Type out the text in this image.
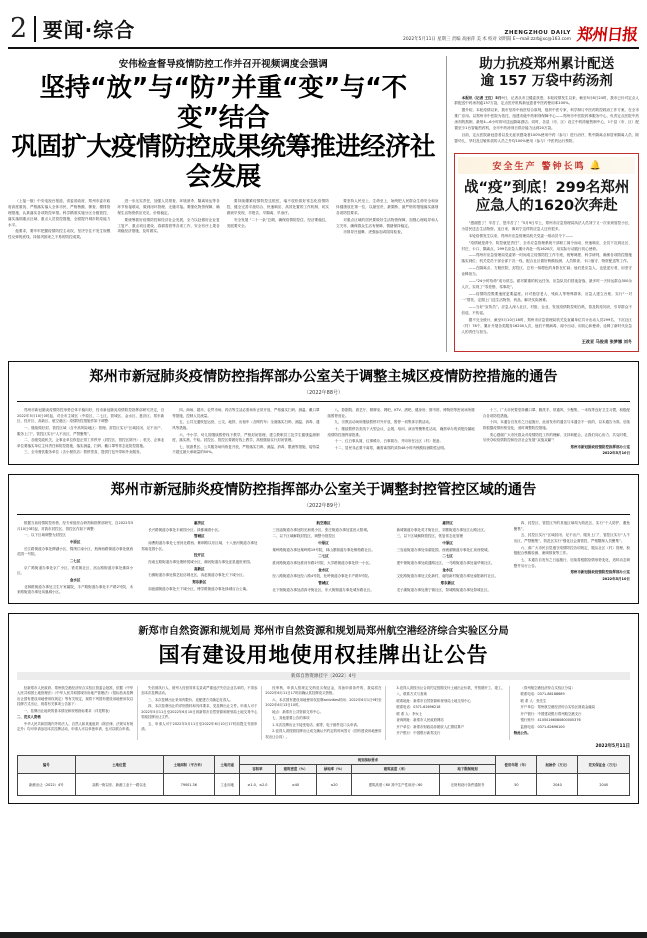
2 要闻·综合	ZHENGZHOU DAILY
2022年5月11日 星期三 责编 高丽萍 美 术 校对 刘玥阳 E—mail:zzrbjjxc@163.com 郑州日报
安伟检查督导疫情防控工作并召开视频调度会强调
坚持“放”与“防”并重“变”与“不变”结合
巩固扩大疫情防控成果统筹推进经济社会发展

（上接一版）中央电视台报道，省委省政府、郑州市委市政府高度重视、严格落实落人全体市民、严格核酸、筛查、摸排管理措施，认真落实各项防控举措。科学精准实施分区分级管控，落实落细重点区域、重点人员管控措施，全面提升城市防疫能力水平。

他要求，要牢牢把握疫情防控主动权，坚决守住不发生规模性反弹的底线，持续巩固来之不易的防控成果。

进一步压实责任，加强人员排查、环境消杀、隔离转运等各环节衔接联动，做到闭环管理、无缝对接。要强化物资保障，确保生活物资供应充足、价格稳定。

要统筹抓好疫情防控和经济社会发展，全力以赴做好企业复工复产、重点项目建设、春耕春管等各项工作，安全有序上果各项稳经济措施，及时做实。

要持续绷紧疫情防控这根弦，毫不放松抓好常态化疫情防控，健全完善平战结合、快速响应、高效处置的工作机制，切实做到早发现、早报告、早隔离、早治疗。

安全发展 “二十一条”总纲，确保疫情防控住，经济要稳住，发展要安全。

要坚持人民至上、生命至上，始终把人民群众生命安全和身体健康放在第一位，以最坚决、最果断、最严格的措施落实落细各项防控要求。

对重点区域的居民要做好生活物资保障，加强心理疏导和人文关怀，确保群众生活有保障、情绪保持稳定。

市领导吕挺琳、虎强参加或陪同检查。

助力抗疫郑州累计配送
逾 157 万袋中药汤剂

本报讯（记者 王红）5月9日，记者从市卫健委获悉，本轮疫情发生以来，截至5月8日24时，我市已针对定点人群配送中药汤剂逾157万袋，定点医疗机构新冠患者中医药使用率100%。

据介绍，本轮疫情以来，我市坚持中西医结合原则，组织中医专家，科学制订中医药防控救治工作方案，在全市推广应用。以郑州市中医院为依托，组建市级中药制剂保障中心——郑州市中医院药事服务中心，负责定点医院中药汤剂的熬制，最短4—6小时即可送达隔离酒店；同时，各县（市、区）设立中药浓缩煎制中心，1个县（市、区）配置至少1台智能煎药机，全市中药汤剂日供应能力达到20万袋。

目前，定点医院新冠患者以及无症状感染者100%使用中药（参与）进行治疗，集中隔离点和居家隔离人员、除婴幼儿、孕妇及过敏体质的人员之外均100%使用（参与）中医药运行预防。

安全生产 警钟长鸣 🔔
战“疫”到底！299名郑州
应急人的1620次奔赴

“感谢您了！辛苦了，您辛苦了！”5月9日早上，郑州市应急管理局执法人员刘宁又一次来到管控小区，为居民送去生活物资。连日来，像刘宁这样的应急人还有很多。

本轮疫情发生以来，郑州市应急管理局机关党委一纸动员令下——

“疫情就是命令，防控就是责任”，全市应急管理系统干部职工闻令而动、快速响应，全员下沉到社区、村庄、卡口、隔离点，299名应急人累计奔赴一线1620次，用实际行动践行初心使命。

——郑州市应急管理局党委第一时间成立疫情防控工作专班，统筹调度、科学研判，确保各项防控措施落实到位；机关党员干部全部下沉一线，配合社区做好核酸检测、人员排查、卡口值守、物资配送等工作。

——在隔离点、方舱医院、封控区，总有一抹橙色的身影在忙碌；他们是应急人，也是逆行者，用坚守诠释担当。

——“24小时待命”成为常态。面对繁重的转运任务，应急队员们昼夜奋战，最多时一天转运群众300余人次，实现了“零差错、零事故”。

——疫情防控既要速度更要温度。针对独居老人、残疾人等特殊群体，应急人建立台账，实行“一对一”帮扶，定期上门送生活物资、药品，解决实际困难。

——当好“宣传员”。应急人深入社区、村组、企业，发放疫情防控明白纸，普及防疫知识，引导群众不信谣、不传谣。

据不完全统计，截至5月10日16时，郑州市应急管理局机关及直属单位共计出动人员299名，下沉社区（村）78个，累计开展各类服务16200人次，他们不惧病毒、闻令出动，用初心和使命，诠释了新时代应急人的责任与担当。

王改亚 马俊甫 张梦娜 刘冬
郑州市新冠肺炎疫情防控指挥部办公室关于调整主城区疫情防控措施的通告
（2022年88号）

郑州市新冠肺炎疫情防控形势总体平稳向好，经市新冠肺炎疫情防控指挥部研究决定，自2022年5月10日0时起，对全市主城区（中原区、二七区、管城区、金水区、惠济区、郑东新区、经开区、高新区、航空港区）疫情防控措施作如下调整：

一、继续做好封、管控区域（含中高风险地区）管理。封控区实行“区域封闭、足不出户、服务上门”，管控区实行“人不出区、严禁聚集”。

二、各级党政机关、企事业单位恢复正常工作秩序（封控区、管控区除外）；机关、企事业单位要落实单位主体责任和防控措施，落实测温、扫码、戴口罩等常态化防控措施。

三、全市餐饮服务单位（含小餐饮店）暂停堂食，提供打包外带和外卖服务。

四、商场、超市、农贸市场、药店等生活必需场所正常开放，严格落实扫码、测温、戴口罩等措施，控制人员流量。

五、公共交通恢复运营，公交、地铁、出租车（含网约车）全面落实扫码、测温、消毒、通风等措施。

六、中小学、幼儿园继续暂停线下教学，严格封闭管理，建立教职员工及学生健康监测制度，落实晨、午检。封控区、管控区要做好线上教学，高校继续实行封闭管理。

七、旅游景区、公共服务场所恢复开放，严格落实扫码、测温、消毒、限流等措施，接待量不超过最大承载量的50%。

八、影剧院、游艺厅、棋牌室、网吧、KTV、酒吧、健身房、图书馆、博物馆等密闭场所继续暂停营业。

九、宗教活动场所继续暂停对外开放，暂停一切集体宗教活动。

十、继续暂停各类线下大型会议、会展、培训、演出等聚集性活动，确需举办的须报经属地疫情防控指挥部批准。

十一、红白事从简，红事缓办，白事简办，并向所在社区（村）报备。

十二、居民非必要不离郑，确需离郑的须持48小时内核酸检测阴性证明。

十三、广大市民要坚持戴口罩、勤洗手、常通风、少聚集、一米线等良好卫生习惯，积极配合各项防控措施。

十四、本通告自发布之日起施行，此前发布的通告与本通告不一致的，以本通告为准。后续将根据疫情形势变化，适时调整防控措施。

衷心感谢广大市民群众对疫情防控工作的理解、支持和配合，让我们同心协力，共克时艰，尽快夺取疫情防控和经济社会发展“双战双赢”！

郑州市新冠肺炎疫情防控指挥部办公室

2022年5月10日

郑州市新冠肺炎疫情防控指挥部办公室关于调整封控管控区域的通告
（2022年89号）

根据当前疫情防控形势，经专家组综合研判和指挥部研究，自2022年5月10日0时起，对我市封控区、管控区作如下调整：

一、以下区域调整为封控区

中原区

长江路街道办事处柳湖小区、锦绣江南小区，航海西路街道办事处航西花园一号院。

二七区

京广路街道办事处京广小区、铁英街社区，嵩山路街道办事处佛岗小区。

金水区

北林路街道办事处卫生厅家属院，丰产路街道办事处丰产路2号院，未来路街道办事处凤凰城小区。

惠济区

长兴路街道办事处丰硕园小区、绿都澜湾小区。

管城区

南曹街道办事处七里河北路西、紫荆路以东区域，十八里河街道办事处郑南花园小区。

经开区

经南五路街道办事处康桥悦城小区，潮河街道办事处亚星盛世家园。

高新区

石佛街道办事处锦艺轻纺城北区，沟赵街道办事处天下城小区。

郑东新区

如意湖街道办事处天下城小区，博学路街道办事处绿城百合公寓。

航空港区

三官庙街道办事处阳光和苑小区，张庄街道办事处富田太阳城。

二、以下区域解除封控区，调整为管控区

中原区

秦岭路街道办事处秦岭路19号院，林山寨街道办事处桐柏路社区。

二七区

淮河路街道办事处淮河东路2号院，大学路街道办事处铁一小区。

金水区

经八路街道办事处经八路4号院，杜岭街道办事处丰产路5号院。

管城区

北下街街道办事处清真寺街社区，东大街街道办事处城东路社区。

惠济区

新城街道办事处英才街社区，刘寨街道办事处江山路社区。

三、以下区域解除管控区，恢复常态化管理

中原区

三官庙街道办事处帝湖花园，西流湖街道办事处汇泉西悦城。

二七区

建中街街道办事处政通路社区，一马路街道办事处福华街社区。

金水区

文化路街道办事处文化新村，南阳新村街道办事处南阳新村社区。

郑东新区

龙子湖街道办事处康宁街社区，祭城路街道办事处祭城社区。

四、封控区、管控区外的其他区域均为防范区，实行“个人防护、避免聚集”。

五、封控区实行“区域封闭、足不出户、服务上门”，管控区实行“人不出区、严禁聚集”，防范区实行“强化社会面管控、严格限制人员聚集”。

六、请广大市民自觉遵守疫情防控各项规定，服从社区（村）管理，积极配合核酸检测、流调排查等工作。

七、本通告自发布之日起施行，后续将根据疫情形势变化，适时动态调整并另行公告。

郑州市新冠肺炎疫情防控指挥部办公室

2022年5月10日

新郑市自然资源和规划局 郑州市自然资源和规划局郑州航空港经济综合实验区分局
国有建设用地使用权挂牌出让公告
新郑自然资源挂字〔2022〕4号

经新郑市人民政府、郑州航空港经济综合实验区管委会批准，依据《中华人民共和国土地管理法》《中华人民共和国城市房地产管理法》《招标拍卖挂牌出让国有建设用地使用权规定》等有关规定，现将下列国有建设用地使用权以挂牌方式出让，现将有关事项公告如下：

一、挂牌出让地块的基本情况和规划指标要求（详见附表）

二、竞买人资格

中华人民共和国境内外的法人、自然人和其他组织（除法律、法规另有规定外）均可申请参加本次挂牌活动，申请人可以单独申请，也可以联合申请。

失信被执行人、被列入经营异常名录或严重违法失信企业名单的，不得参加本次挂牌活动。

三、本次挂牌出让采用有限价、竞配建方式确定竞得人。

四、本次挂牌出让的详细资料和具体要求，见挂牌出让文件。申请人可于2022年5月11日至2022年6月10日到新郑市自然资源和规划局土地交易中心领取挂牌出让文件。

五、申请人可于2022年5月11日至2022年6月10日17时前提交书面申请。

经审核，申请人按规定交纳竞买保证金，具备申请条件的，我局将在2022年6月11日17时前确认其挂牌竞买资格。

六、本次国有建设用地使用权挂牌activities时间：2022年6月1日9时至2022年6月13日10时。

地点：新郑市公共资源交易中心。

七、其他需要公告的事项

1.本次挂牌出让不接受电话、邮寄、电子邮件及口头申请。

2.竞得人须按照挂牌出让成交确认书约定的时间签订《国有建设用地使用权出让合同》。

3.竞得人须按出让合同约定按期支付土地出让价款，并按期开工、竣工。

八、联系方式与查询

联系地址：新郑市自然资源和规划局土地交易中心

联系电话：0371-62696218

联 系 人：李女士

查询网址：新郑市人民政府网站

开户单位：新郑市财政局非税收入汇缴结算户

开户银行：中国银行新郑支行

（郑州航空港经济综合实验区分局）

联系电话：0371-86188689

联 系 人：张先生

开户单位：郑州航空港经济综合实验区财政金融局

开户银行：中国建设银行郑州航空港支行

银行账号：41050166080800000376

监督电话：0371-62696100

特此公告。

2022年5月11日
编号	土地位置	土地面积（平方米）	土地用途	规划指标要求					使用年限（年）	起始价（万元）	竞买保证金（万元）
				容积率	建筑密度（%）	绿地率（%）	建筑高度（米）	地下限制规划			
新港出让（2022）4号	双鹤一街以东、新港工业十一路以北	79001.36	工业用地	≥1.0、≤2.0	≥40	≤20	建筑高度＜60 其中生产性用房＜60	无规划设计条件通知书	50	2040	2040
